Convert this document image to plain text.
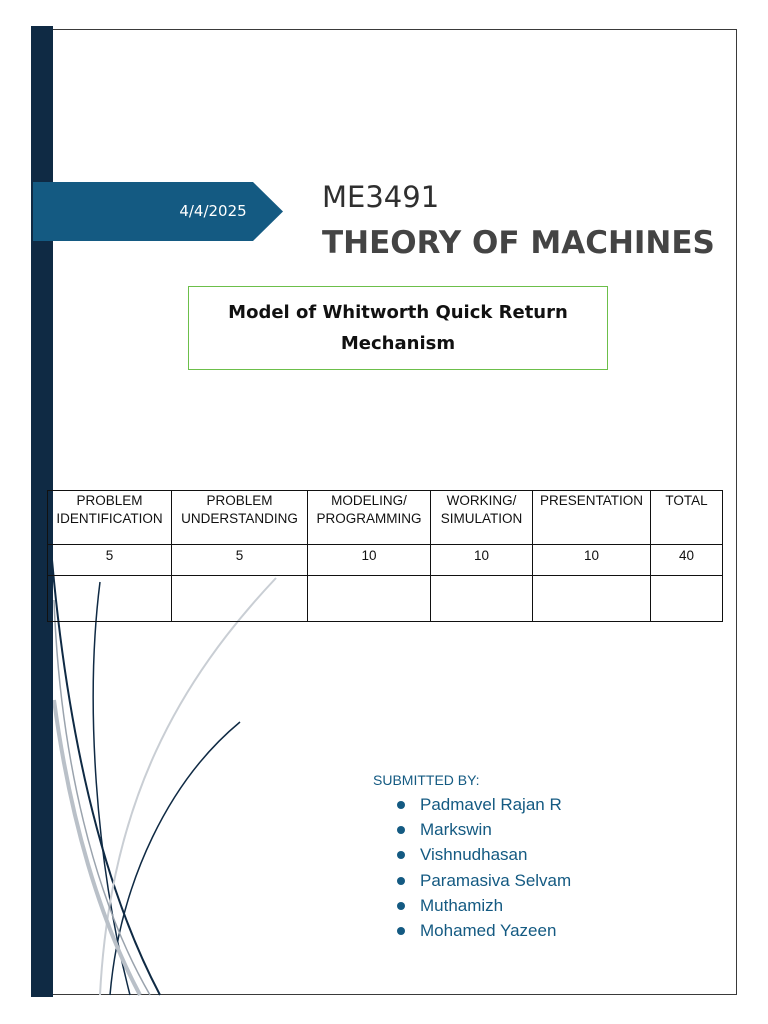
4/4/2025	ME3491
THEORY OF MACHINES
Model of Whitworth Quick Return Mechanism
PROBLEM IDENTIFICATION	PROBLEM UNDERSTANDING	MODELING/ PROGRAMMING	WORKING/ SIMULATION	PRESENTATION	TOTAL
5	5	10	10	10	40

SUBMITTED BY:
Padmavel Rajan R
Markswin
Vishnudhasan
Paramasiva Selvam
Muthamizh
Mohamed Yazeen
